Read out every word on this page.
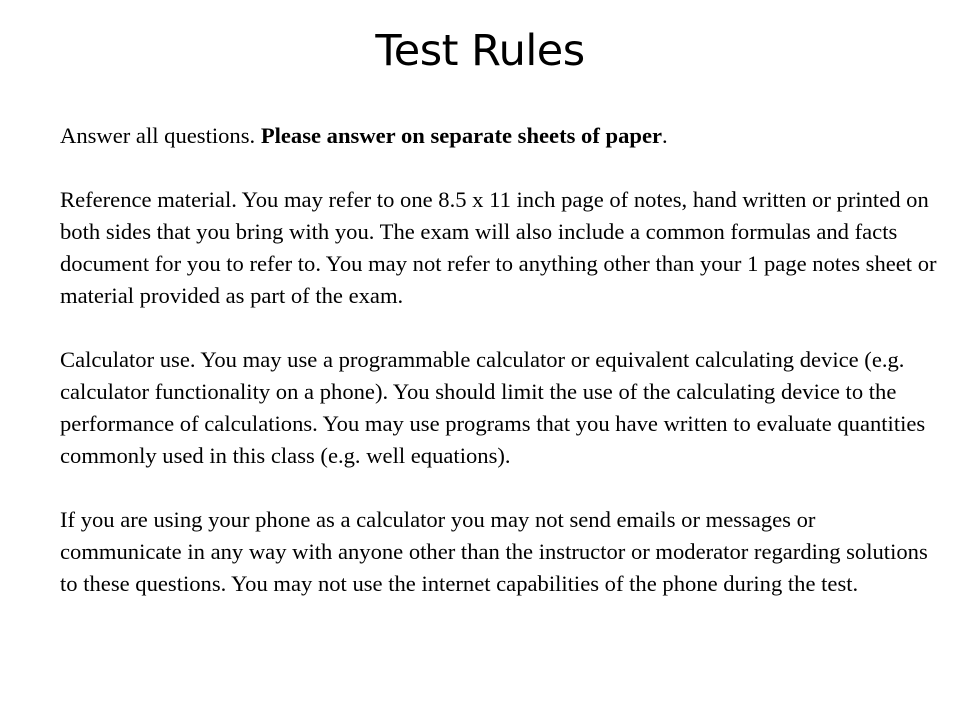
Test Rules

Answer all questions. Please answer on separate sheets of paper.

Reference material. You may refer to one 8.5 x 11 inch page of notes, hand written or printed on both sides that you bring with you. The exam will also include a common formulas and facts document for you to refer to. You may not refer to anything other than your 1 page notes sheet or material provided as part of the exam.

Calculator use. You may use a programmable calculator or equivalent calculating device (e.g. calculator functionality on a phone). You should limit the use of the calculating device to the performance of calculations. You may use programs that you have written to evaluate quantities commonly used in this class (e.g. well equations).

If you are using your phone as a calculator you may not send emails or messages or communicate in any way with anyone other than the instructor or moderator regarding solutions to these questions. You may not use the internet capabilities of the phone during the test.
